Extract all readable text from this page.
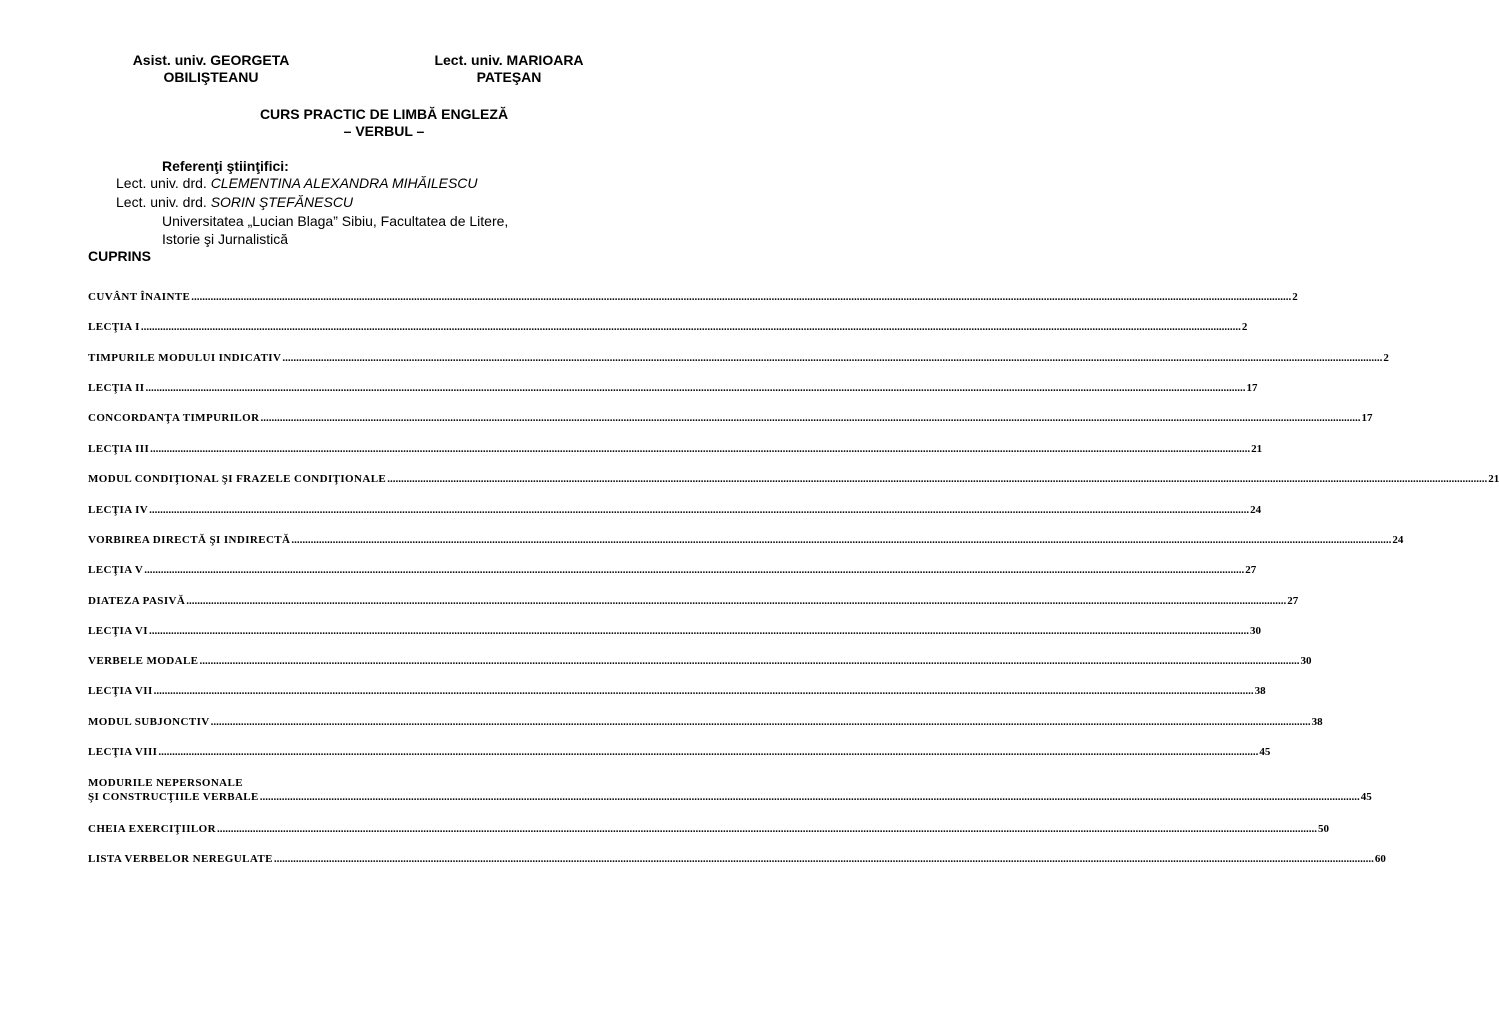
Asist. univ. GEORGETA
OBILIŞTEANU
Lect. univ. MARIOARA
PATEŞAN
CURS PRACTIC DE LIMBĂ ENGLEZĂ
– VERBUL –
Referenţi ştiinţifici:
Lect. univ. drd. CLEMENTINA ALEXANDRA MIHĂILESCU
Lect. univ. drd. SORIN ŞTEFĂNESCU
Universitatea „Lucian Blaga” Sibiu, Facultatea de Litere,
Istorie şi Jurnalistică
CUPRINS
CUVÂNT ÎNAINTE ................................................................................................................................................................................................................................................................................................................................................................................................................ 2
LECŢIA I ................................................................................................................................................................................................................................................................................................................................................................................................................ 2
TIMPURILE MODULUI INDICATIV ................................................................................................................................................................................................................................................................................................................................................................................................................ 2
LECŢIA II ................................................................................................................................................................................................................................................................................................................................................................................................................ 17
CONCORDANŢA TIMPURILOR ................................................................................................................................................................................................................................................................................................................................................................................................................ 17
LECŢIA III ................................................................................................................................................................................................................................................................................................................................................................................................................ 21
MODUL CONDIŢIONAL ŞI FRAZELE CONDIŢIONALE ................................................................................................................................................................................................................................................................................................................................................................................................................ 21
LECŢIA IV ................................................................................................................................................................................................................................................................................................................................................................................................................ 24
VORBIREA DIRECTĂ ŞI INDIRECTĂ ................................................................................................................................................................................................................................................................................................................................................................................................................ 24
LECŢIA V ................................................................................................................................................................................................................................................................................................................................................................................................................ 27
DIATEZA PASIVĂ ................................................................................................................................................................................................................................................................................................................................................................................................................ 27
LECŢIA VI ................................................................................................................................................................................................................................................................................................................................................................................................................ 30
VERBELE MODALE ................................................................................................................................................................................................................................................................................................................................................................................................................ 30
LECŢIA VII ................................................................................................................................................................................................................................................................................................................................................................................................................ 38
MODUL SUBJONCTIV ................................................................................................................................................................................................................................................................................................................................................................................................................ 38
LECŢIA VIII ................................................................................................................................................................................................................................................................................................................................................................................................................ 45
MODURILE NEPERSONALE
ŞI CONSTRUCŢIILE VERBALE ................................................................................................................................................................................................................................................................................................................................................................................................................ 45
CHEIA EXERCIŢIILOR ................................................................................................................................................................................................................................................................................................................................................................................................................ 50
LISTA VERBELOR NEREGULATE ................................................................................................................................................................................................................................................................................................................................................................................................................ 60
